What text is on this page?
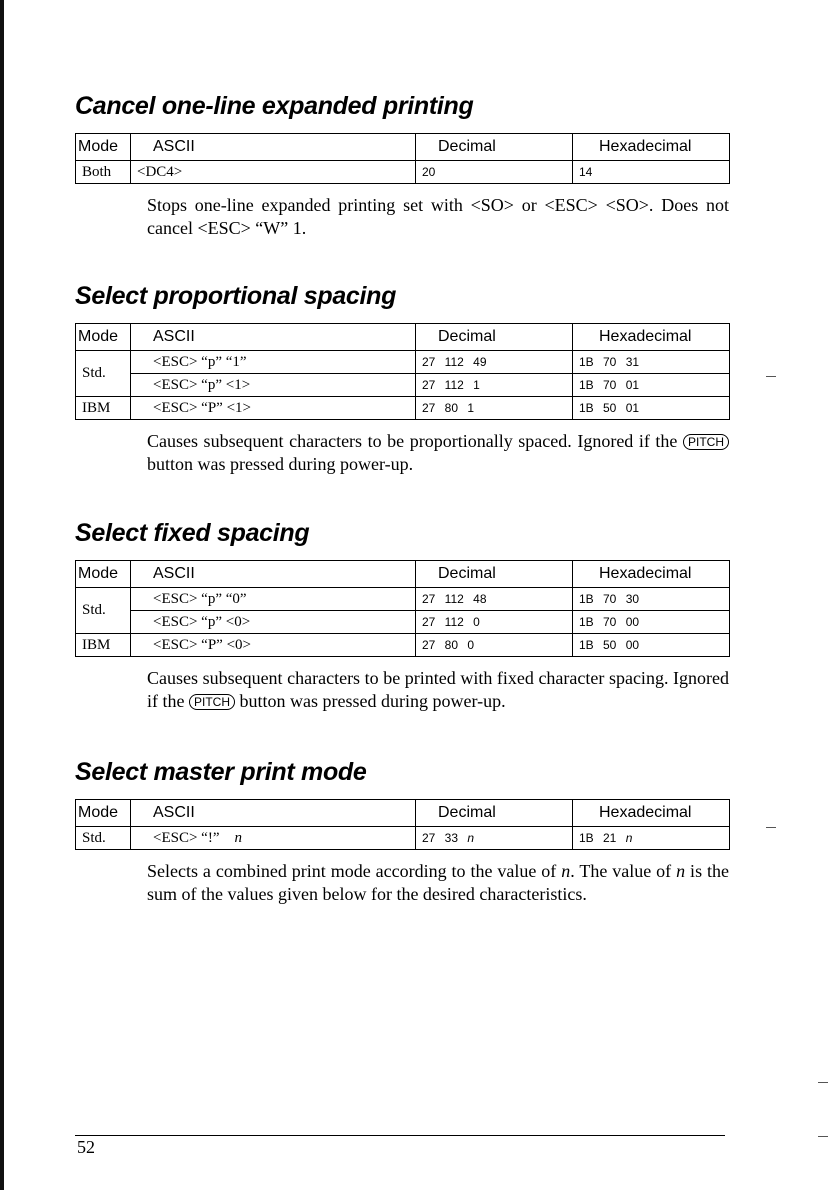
Cancel one-line expanded printing
Mode	ASCII	Decimal	Hexadecimal
Both	<DC4>	20	14

Stops one-line expanded printing set with <SO> or <ESC> <SO>. Does not cancel <ESC> “W” 1.

Select proportional spacing
Mode	ASCII	Decimal	Hexadecimal
Std.	<ESC> “p” “1”	27 112 49	1B 70 31
	<ESC> “p” <1>	27 112 1	1B 70 01
IBM	<ESC> “P” <1>	27 80 1	1B 50 01

Causes subsequent characters to be proportionally spaced. Ignored if the PITCH button was pressed during power-up.

Select fixed spacing
Mode	ASCII	Decimal	Hexadecimal
Std.	<ESC> “p” “0”	27 112 48	1B 70 30
	<ESC> “p” <0>	27 112 0	1B 70 00
IBM	<ESC> “P” <0>	27 80 0	1B 50 00

Causes subsequent characters to be printed with fixed character spacing. Ignored if the PITCH button was pressed during power-up.

Select master print mode
Mode	ASCII	Decimal	Hexadecimal
Std.	<ESC> “!” n	27 33 n	1B 21 n

Selects a combined print mode according to the value of n. The value of n is the sum of the values given below for the desired characteristics.

52
